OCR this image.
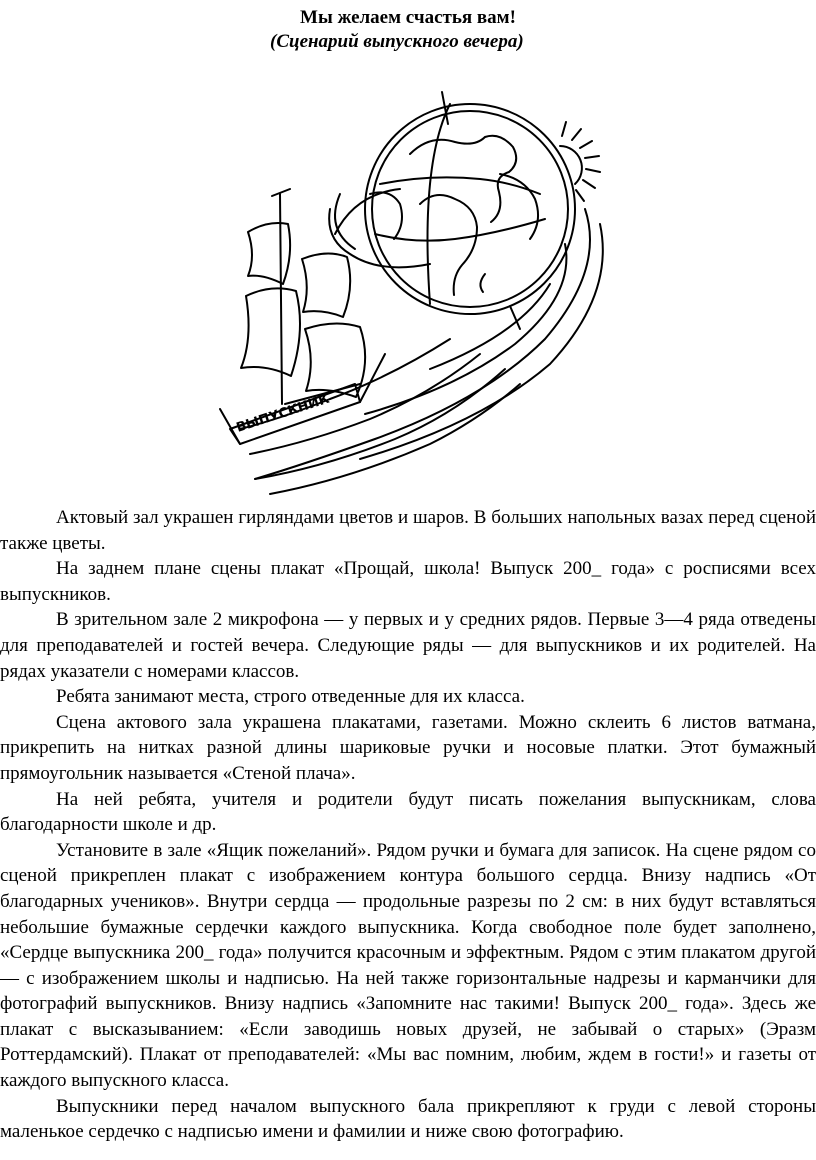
Мы желаем счастья вам!
(Сценарий выпускного вечера)
ВЫПУСКНИК

Актовый зал украшен гирляндами цветов и шаров. В больших напольных вазах перед сценой также цветы.

На заднем плане сцены плакат «Прощай, школа! Выпуск 200_ года» с росписями всех выпускников.

В зрительном зале 2 микрофона — у первых и у средних рядов. Первые 3—4 ряда отведены для преподавателей и гостей вечера. Следующие ряды — для выпускников и их родителей. На рядах указатели с номерами классов.

Ребята занимают места, строго отведенные для их класса.

Сцена актового зала украшена плакатами, газетами. Можно склеить 6 листов ватмана, прикрепить на нитках разной длины шариковые ручки и носовые платки. Этот бумажный прямоугольник называется «Стеной плача».

На ней ребята, учителя и родители будут писать пожелания выпускникам, слова благодарности школе и др.

Установите в зале «Ящик пожеланий». Рядом ручки и бумага для записок. На сцене рядом со сценой прикреплен плакат с изображением контура большого сердца. Внизу надпись «От благодарных учеников». Внутри сердца — продольные разрезы по 2 см: в них будут вставляться небольшие бумажные сердечки каждого выпускника. Когда свободное поле будет заполнено, «Сердце выпускника 200_ года» получится красочным и эффектным. Рядом с этим плакатом другой — с изображением школы и надписью. На ней также горизонтальные надрезы и карманчики для фотографий выпускников. Внизу надпись «Запомните нас такими! Выпуск 200_ года». Здесь же плакат с высказыванием: «Если заводишь новых друзей, не забывай о старых» (Эразм Роттердамский). Плакат от преподавателей: «Мы вас помним, любим, ждем в гости!» и газеты от каждого выпускного класса.

Выпускники перед началом выпускного бала прикрепляют к груди с левой стороны маленькое сердечко с надписью имени и фамилии и ниже свою фотографию.
